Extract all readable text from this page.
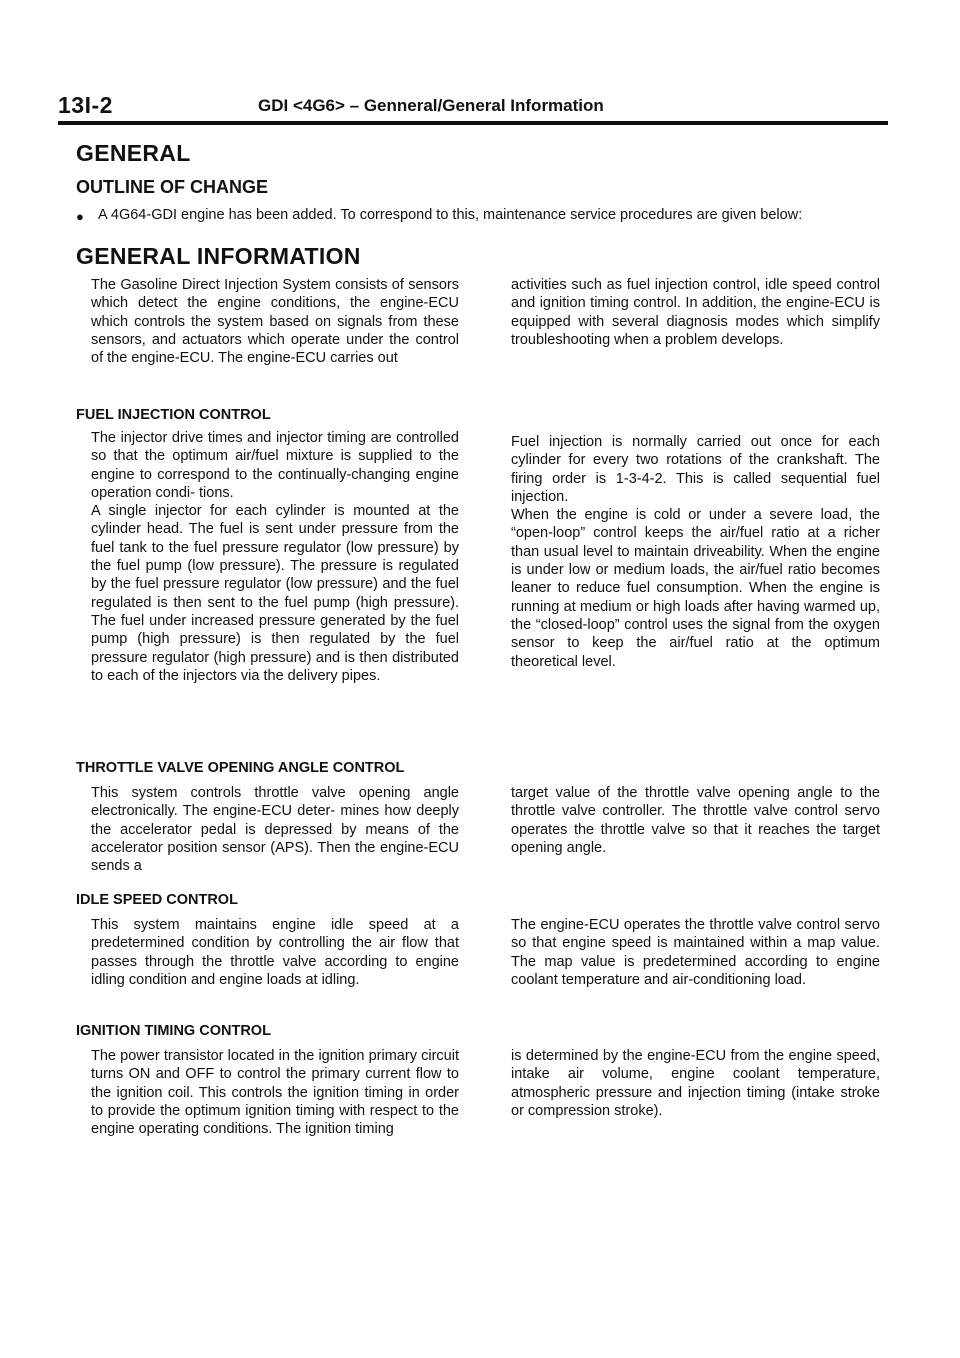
13I-2	GDI <4G6> – Genneral/General Information
GENERAL
OUTLINE OF CHANGE
● A 4G64-GDI engine has been added. To correspond to this, maintenance service procedures are given below:
GENERAL INFORMATION

The Gasoline Direct Injection System consists of sensors which detect the engine conditions, the engine-ECU which controls the system based on signals from these sensors, and actuators which operate under the control of the engine-ECU. The engine-ECU carries out

activities such as fuel injection control, idle speed control and ignition timing control. In addition, the engine-ECU is equipped with several diagnosis modes which simplify troubleshooting when a problem develops.

FUEL INJECTION CONTROL

The injector drive times and injector timing are controlled so that the optimum air/fuel mixture is supplied to the engine to correspond to the continually-changing engine operation condi- tions.

A single injector for each cylinder is mounted at the cylinder head. The fuel is sent under pressure from the fuel tank to the fuel pressure regulator (low pressure) by the fuel pump (low pressure). The pressure is regulated by the fuel pressure regulator (low pressure) and the fuel regulated is then sent to the fuel pump (high pressure). The fuel under increased pressure generated by the fuel pump (high pressure) is then regulated by the fuel pressure regulator (high pressure) and is then distributed to each of the injectors via the delivery pipes.

Fuel injection is normally carried out once for each cylinder for every two rotations of the crankshaft. The firing order is 1-3-4-2. This is called sequential fuel injection.

When the engine is cold or under a severe load, the “open-loop” control keeps the air/fuel ratio at a richer than usual level to maintain driveability. When the engine is under low or medium loads, the air/fuel ratio becomes leaner to reduce fuel consumption. When the engine is running at medium or high loads after having warmed up, the “closed-loop” control uses the signal from the oxygen sensor to keep the air/fuel ratio at the optimum theoretical level.

THROTTLE VALVE OPENING ANGLE CONTROL

This system controls throttle valve opening angle electronically. The engine-ECU deter- mines how deeply the accelerator pedal is depressed by means of the accelerator position sensor (APS). Then the engine-ECU sends a

target value of the throttle valve opening angle to the throttle valve controller. The throttle valve control servo operates the throttle valve so that it reaches the target opening angle.

IDLE SPEED CONTROL

This system maintains engine idle speed at a predetermined condition by controlling the air flow that passes through the throttle valve according to engine idling condition and engine loads at idling.

The engine-ECU operates the throttle valve control servo so that engine speed is maintained within a map value. The map value is predetermined according to engine coolant temperature and air-conditioning load.

IGNITION TIMING CONTROL

The power transistor located in the ignition primary circuit turns ON and OFF to control the primary current flow to the ignition coil. This controls the ignition timing in order to provide the optimum ignition timing with respect to the engine operating conditions. The ignition timing

is determined by the engine-ECU from the engine speed, intake air volume, engine coolant temperature, atmospheric pressure and injection timing (intake stroke or compression stroke).
